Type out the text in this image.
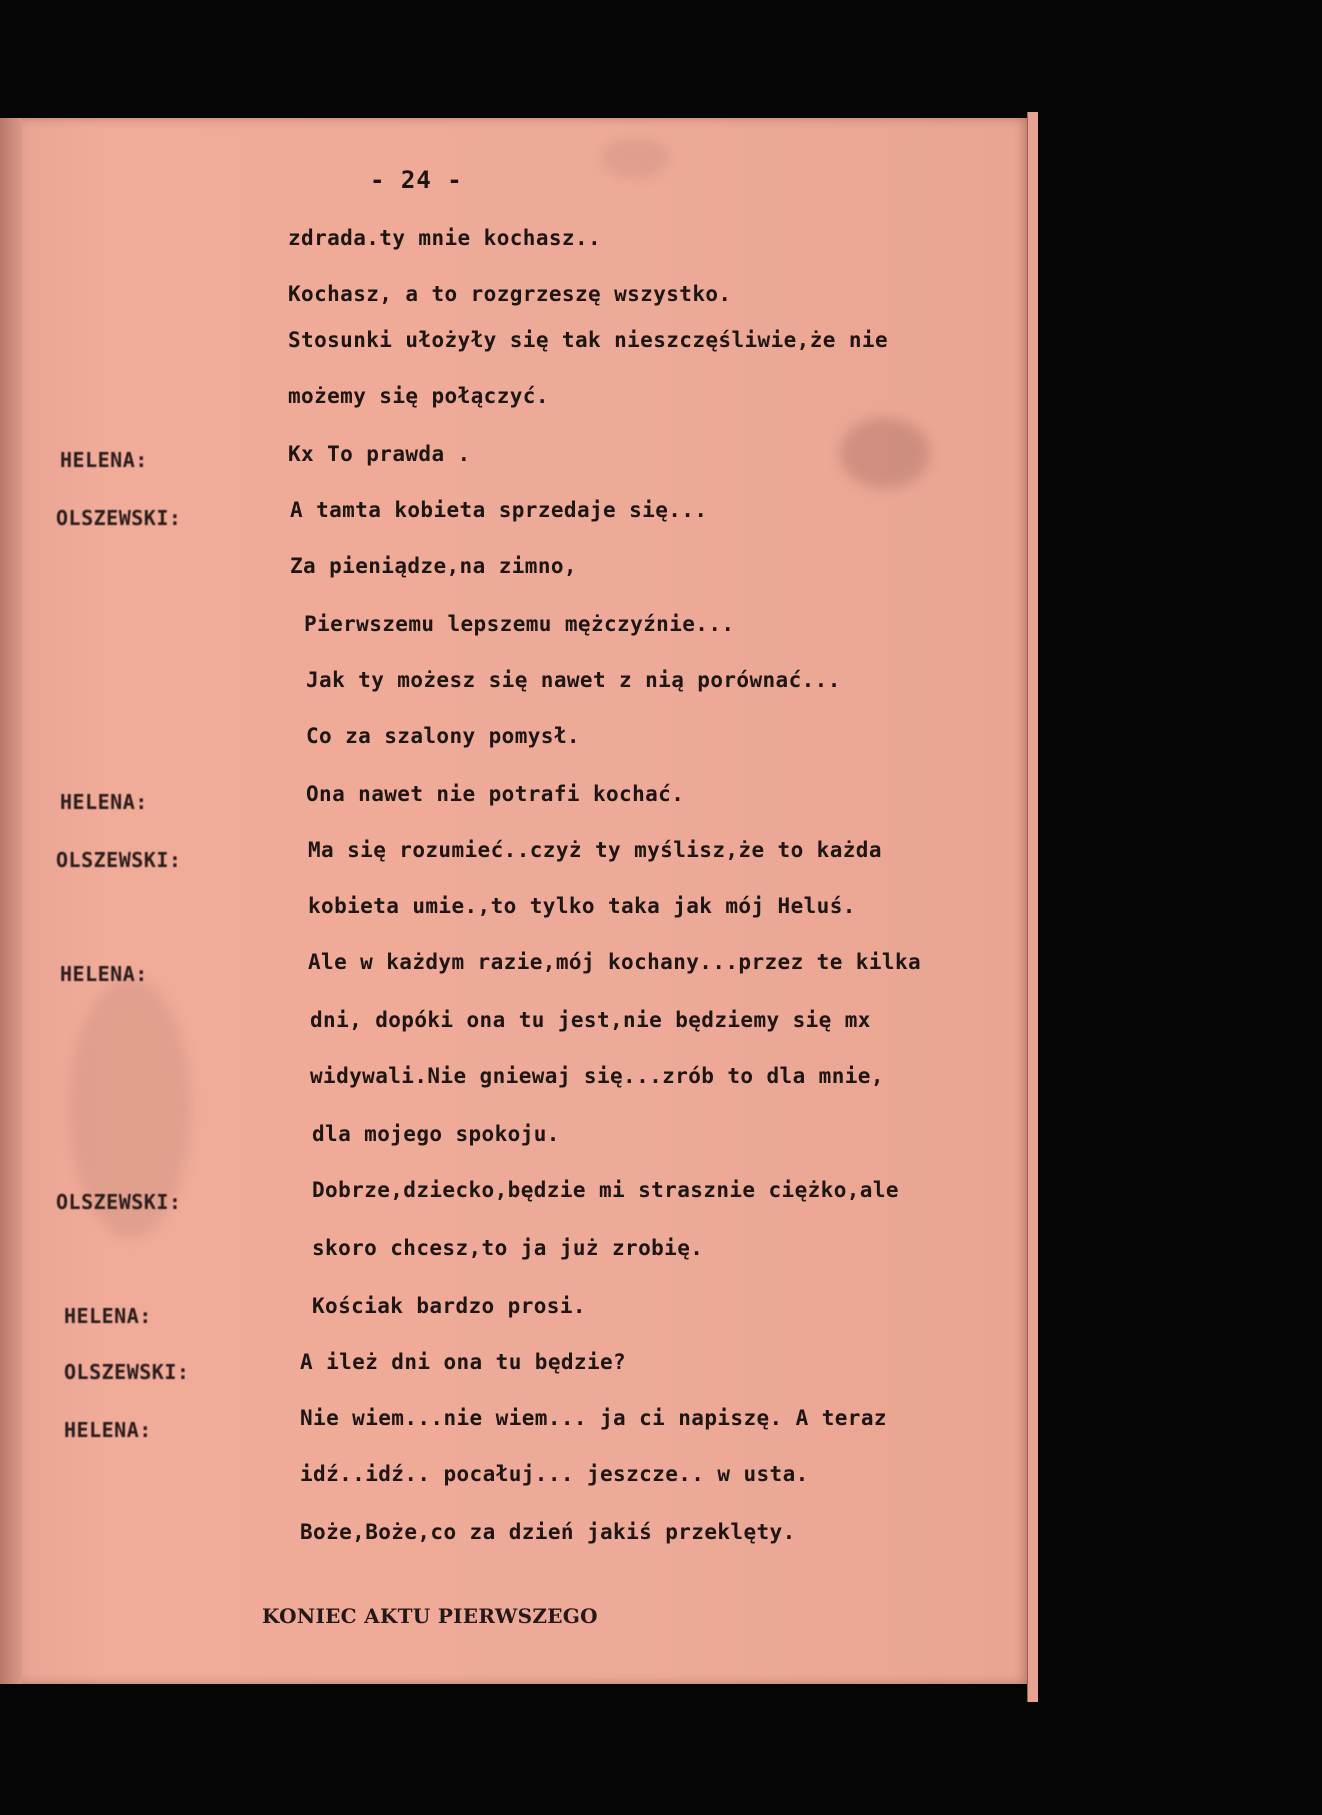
- 24 -
HELENA:
OLSZEWSKI:
HELENA:
OLSZEWSKI:
HELENA:
OLSZEWSKI:
HELENA:
OLSZEWSKI:
HELENA:
zdrada.ty mnie kochasz..
Kochasz, a to rozgrzeszę wszystko.
Stosunki ułożyły się tak nieszczęśliwie,że nie
możemy się połączyć.
Kx To prawda .
A tamta kobieta sprzedaje się...
Za pieniądze,na zimno,
Pierwszemu lepszemu mężczyźnie...
Jak ty możesz się nawet z nią porównać...
Co za szalony pomysł.
Ona nawet nie potrafi kochać.
Ma się rozumieć..czyż ty myślisz,że to każda
kobieta umie.,to tylko taka jak mój Heluś.
Ale w każdym razie,mój kochany...przez te kilka
dni, dopóki ona tu jest,nie będziemy się mx
widywali.Nie gniewaj się...zrób to dla mnie,
dla mojego spokoju.
Dobrze,dziecko,będzie mi strasznie ciężko,ale
skoro chcesz,to ja już zrobię.
Kościak bardzo prosi.
A ileż dni ona tu będzie?
Nie wiem...nie wiem... ja ci napiszę. A teraz
idź..idź.. pocałuj... jeszcze.. w usta.
Boże,Boże,co za dzień jakiś przeklęty.
KONIEC AKTU PIERWSZEGO
